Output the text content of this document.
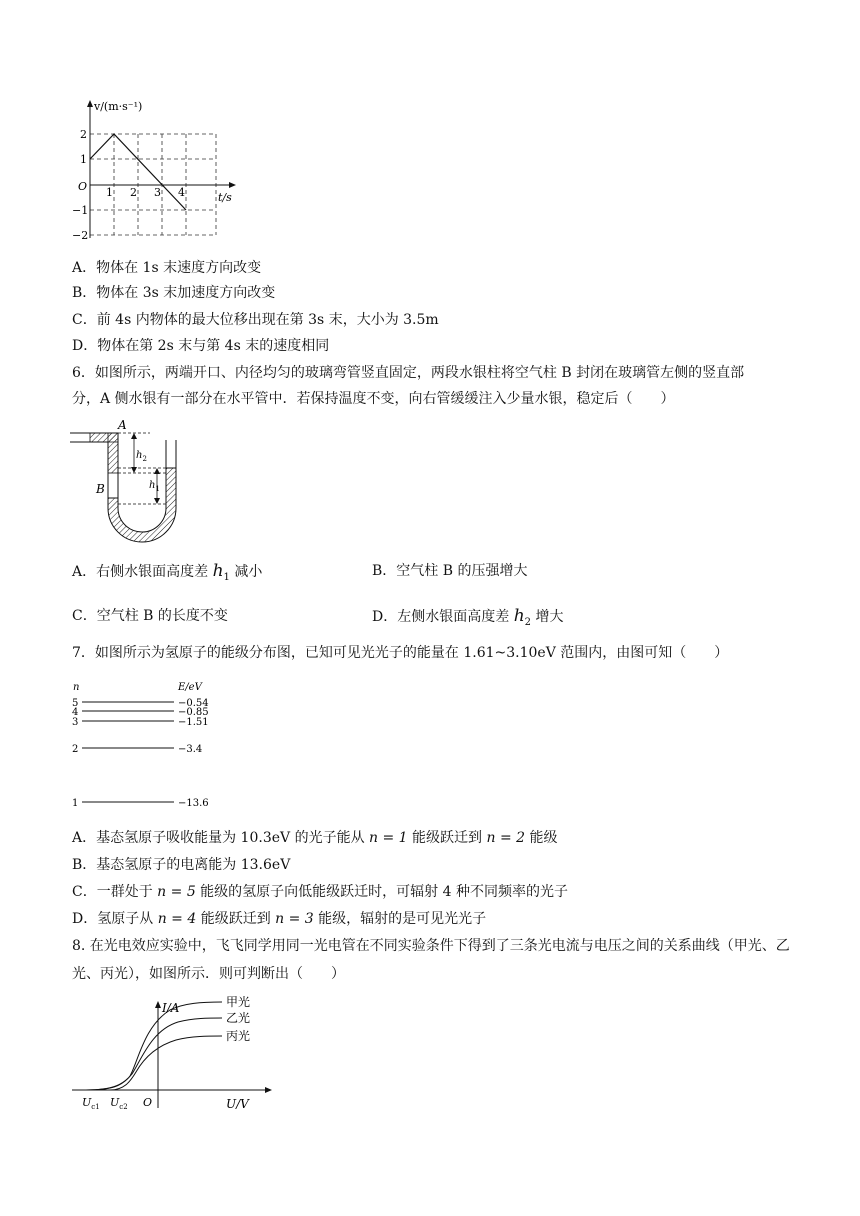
v/(m·s⁻¹)
t/s
O
2
1
−1
−2
1 2 3 4
A．物体在 1s 末速度方向改变
B．物体在 3s 末加速度方向改变
C．前 4s 内物体的最大位移出现在第 3s 末，大小为 3.5m
D．物体在第 2s 末与第 4s 末的速度相同
6．如图所示，两端开口、内径均匀的玻璃弯管竖直固定，两段水银柱将空气柱 B 封闭在玻璃管左侧的竖直部
分，A 侧水银有一部分在水平管中．若保持温度不变，向右管缓缓注入少量水银，稳定后（　　）
A
B
$h_2$
$h_1$
A．右侧水银面高度差 $h_1$ 减小	B．空气柱 B 的压强增大
C．空气柱 B 的长度不变	D．左侧水银面高度差 $h_2$ 增大
7．如图所示为氢原子的能级分布图，已知可见光光子的能量在 1.61~3.10eV 范围内，由图可知（　　）
n	E/eV
5
4
3
2
1
−0.54
−0.85
−1.51
−3.4
−13.6
A．基态氢原子吸收能量为 10.3eV 的光子能从 n = 1 能级跃迁到 n = 2 能级
B．基态氢原子的电离能为 13.6eV
C．一群处于 n = 5 能级的氢原子向低能级跃迁时，可辐射 4 种不同频率的光子
D．氢原子从 n = 4 能级跃迁到 n = 3 能级，辐射的是可见光光子
8. 在光电效应实验中，飞飞同学用同一光电管在不同实验条件下得到了三条光电流与电压之间的关系曲线（甲光、乙光、丙光），如图所示．则可判断出（　　）
I/A
U/V
O
$U_{c1}$ $U_{c2}$
甲光
乙光
丙光
